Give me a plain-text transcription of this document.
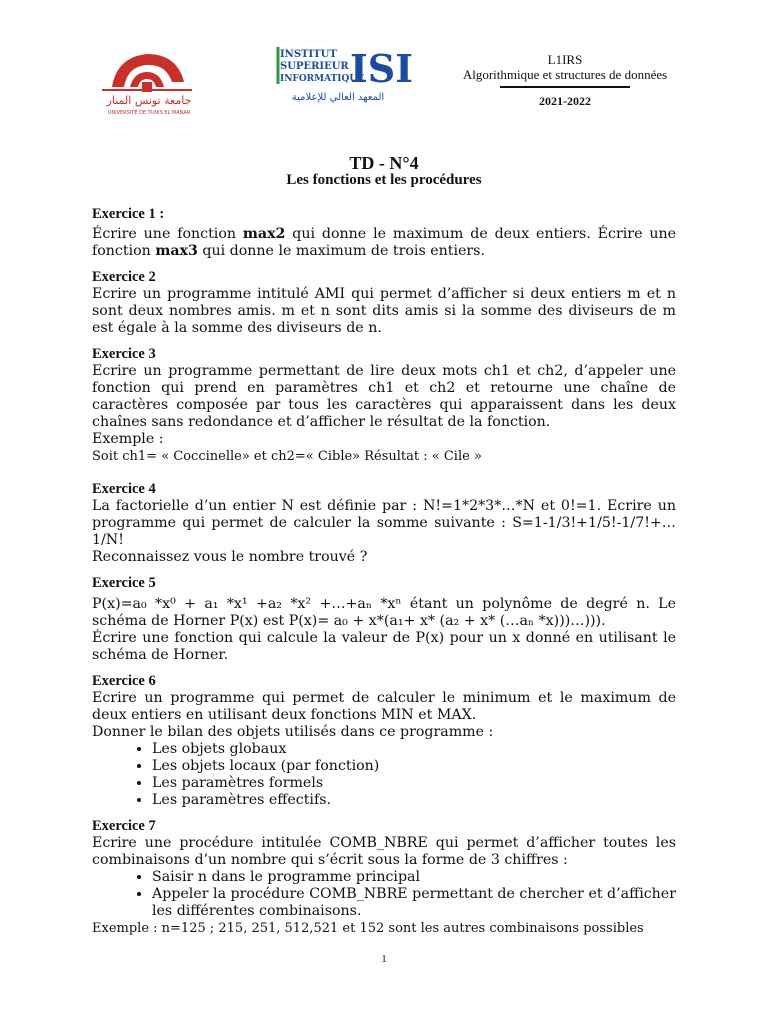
جامعة تونس المنار
UNIVERSITÉ DE TUNIS EL MANAR
INSTITUT
SUPERIEUR
INFORMATIQUE
ISI
المعهد العالي للإعلامية
L1IRS
Algorithmique et structures de données
2021-2022
TD - N°4
Les fonctions et les procédures
Exercice 1 :
Écrire une fonction max2 qui donne le maximum de deux entiers. Écrire une fonction max3 qui donne le maximum de trois entiers.
Exercice 2
Ecrire un programme intitulé AMI qui permet d’afficher si deux entiers m et n sont deux nombres amis. m et n sont dits amis si la somme des diviseurs de m est égale à la somme des diviseurs de n.
Exercice 3
Ecrire un programme permettant de lire deux mots ch1 et ch2, d’appeler une fonction qui prend en paramètres ch1 et ch2 et retourne une chaîne de caractères composée par tous les caractères qui apparaissent dans les deux chaînes sans redondance et d’afficher le résultat de la fonction.
Exemple :
Soit ch1= « Coccinelle» et ch2=« Cible» Résultat : « Cile »
Exercice 4
La factorielle d’un entier N est définie par : N!=1*2*3*…*N et 0!=1. Ecrire un programme qui permet de calculer la somme suivante : S=1-1/3!+1/5!-1/7!+…1/N!
Reconnaissez vous le nombre trouvé ?
Exercice 5
P(x)=a₀ *x⁰ + a₁ *x¹ +a₂ *x² +…+aₙ *xⁿ étant un polynôme de degré n. Le schéma de Horner P(x) est P(x)= a₀ + x*(a₁+ x* (a₂ + x* (…aₙ *x)))…))).
Écrire une fonction qui calcule la valeur de P(x) pour un x donné en utilisant le schéma de Horner.
Exercice 6
Ecrire un programme qui permet de calculer le minimum et le maximum de deux entiers en utilisant deux fonctions MIN et MAX.
Donner le bilan des objets utilisés dans ce programme :
• Les objets globaux
• Les objets locaux (par fonction)
• Les paramètres formels
• Les paramètres effectifs.
Exercice 7
Ecrire une procédure intitulée COMB_NBRE qui permet d’afficher toutes les combinaisons d’un nombre qui s’écrit sous la forme de 3 chiffres :
• Saisir n dans le programme principal
• Appeler la procédure COMB_NBRE permettant de chercher et d’afficher les différentes combinaisons.
Exemple : n=125 ; 215, 251, 512,521 et 152 sont les autres combinaisons possibles
1
